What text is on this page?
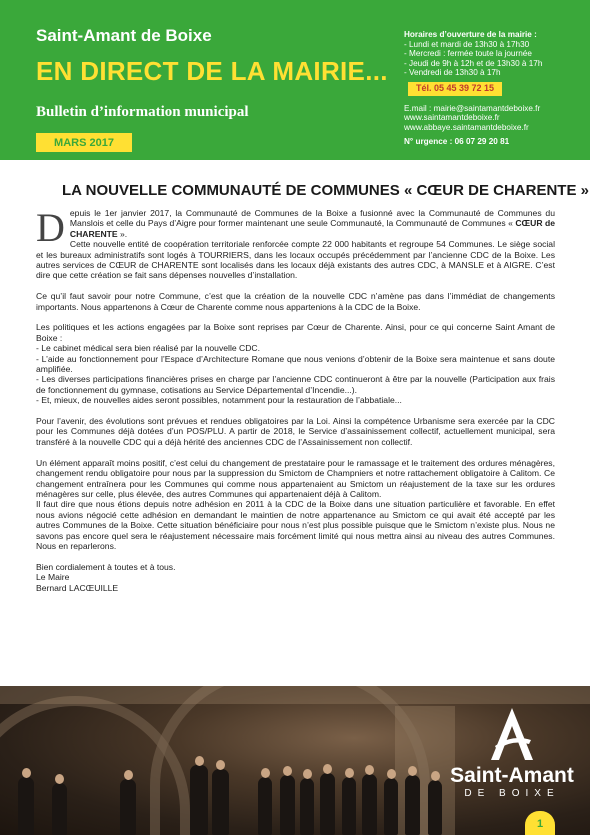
Saint-Amant de Boixe
EN DIRECT DE LA MAIRIE...
Bulletin d’information municipal
MARS 2017
Horaires d’ouverture de la mairie :
- Lundi et mardi de 13h30 à 17h30
- Mercredi : fermée toute la journée
- Jeudi de 9h à 12h et de 13h30 à 17h
- Vendredi de 13h30 à 17h
Tél. 05 45 39 72 15
E.mail : mairie@saintamantdeboixe.fr
www.saintamantdeboixe.fr
www.abbaye.saintamantdeboixe.fr
N° urgence : 06 07 29 20 81
LA NOUVELLE COMMUNAUTÉ DE COMMUNES « CŒUR DE CHARENTE »

D epuis le 1er janvier 2017, la Communauté de Communes de la Boixe a fusionné avec la Communauté de Communes du Manslois et celle du Pays d’Aigre pour former maintenant une seule Communauté, la Communauté de Communes « CŒUR de CHARENTE ».
Cette nouvelle entité de coopération territoriale renforcée compte 22 000 habitants et regroupe 54 Communes. Le siège social et les bureaux administratifs sont logés à TOURRIERS, dans les locaux occupés précédemment par l’ancienne CDC de la Boixe. Les autres services de CŒUR de CHARENTE sont localisés dans les locaux déjà existants des autres CDC, à MANSLE et à AIGRE. C’est dire que cette création se fait sans dépenses nouvelles d’installation.

Ce qu’il faut savoir pour notre Commune, c’est que la création de la nouvelle CDC n’amène pas dans l’immédiat de changements importants. Nous appartenons à Cœur de Charente comme nous appartenions à la CDC de la Boixe.

Les politiques et les actions engagées par la Boixe sont reprises par Cœur de Charente. Ainsi, pour ce qui concerne Saint Amant de Boixe :
- Le cabinet médical sera bien réalisé par la nouvelle CDC.
- L’aide au fonctionnement pour l’Espace d’Architecture Romane que nous venions d’obtenir de la Boixe sera maintenue et sans doute amplifiée.
- Les diverses participations financières prises en charge par l’ancienne CDC continueront à être par la nouvelle (Participation aux frais de fonctionnement du gymnase, cotisations au Service Départemental d’Incendie...).
- Et, mieux, de nouvelles aides seront possibles, notamment pour la restauration de l’abbatiale...

Pour l’avenir, des évolutions sont prévues et rendues obligatoires par la Loi. Ainsi la compétence Urbanisme sera exercée par la CDC pour les Communes déjà dotées d’un POS/PLU. A partir de 2018, le Service d’assainissement collectif, actuellement municipal, sera transféré à la nouvelle CDC qui a déjà hérité des anciennes CDC de l’Assainissement non collectif.

Un élément apparaît moins positif, c’est celui du changement de prestataire pour le ramassage et le traitement des ordures ménagères, changement rendu obligatoire pour nous par la suppression du Smictom de Champniers et notre rattachement obligatoire à Calitom. Ce changement entraînera pour les Communes qui comme nous appartenaient au Smictom un réajustement de la taxe sur les ordures ménagères sur celle, plus élevée, des autres Communes qui appartenaient déjà à Calitom.

Il faut dire que nous étions depuis notre adhésion en 2011 à la CDC de la Boixe dans une situation particulière et favorable. En effet nous avions négocié cette adhésion en demandant le maintien de notre appartenance au Smictom ce qui avait été accepté par les autres Communes de la Boixe. Cette situation bénéficiaire pour nous n’est plus possible puisque que le Smictom n’existe plus. Nous ne savons pas encore quel sera le réajustement nécessaire mais forcément limité qui nous mettra ainsi au niveau des autres Communes. Nous en reparlerons.

Bien cordialement à toutes et à tous.
Le Maire
Bernard LACŒUILLE

Saint-Amant
DE BOIXE
1
